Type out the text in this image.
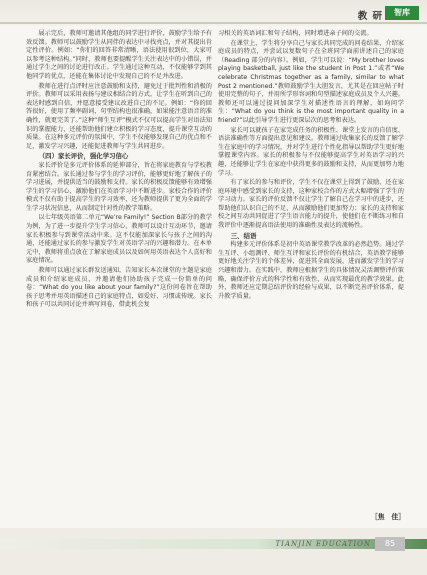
教 研	智库

展示完后，教师可邀请其他组的同学进行评价，鼓励学生给予有效反馈。教师可以鼓励学生从同伴的表达中寻找亮点，并对其提出肯定性评价。例如：“你们的回答非常清晰，语法使用很到位，大家可以参考这种结构。”同时，教师也要提醒学生关注表达中的小错误，并通过学生之间的讨论进行改正。学生通过这种互动，不仅能够学到其他同学的优点，还能在集体讨论中发现自己的不足并改进。

教师在进行点评时应注意鼓励和支持，避免过于批判性和消极的评价。教师可以采用表扬与建议相结合的方式，让学生在听到自己的表达时感到自信，并愿意接受建议改进自己的不足。例如：“你的回答很好，使用了频率副词，句型结构也很准确，如果能注意语音的准确性，就更完美了。”这种“师生互评”模式不仅可以提高学生对语法知识的掌握能力，还能帮助他们建立积极的学习态度，提升课堂互动的质量。在这种多元评价的氛围中，学生不仅能够发现自己的优点和不足，激发学习兴趣，还能促进教师与学生共同进步。

（四）家长评价，强化学习信心

家长评价是多元评价体系的延伸部分，旨在将家庭教育与学校教育紧密结合。家长通过参与学生的学习评价，能够更好地了解孩子的学习进展，并提供适当的鼓励和支持。家长的积极反馈能够有效增强学生的学习信心，激励他们在英语学习中不断进步。家校合作的评价模式不仅有助于提高学生的学习效率，还为教师提供了更为全面的学生学习状况信息，从而制定针对性的教学策略。

以七年级英语第二单元“We’re Family!” Section B部分的教学为例，为了进一步提升学生学习信心，教师可以设计互动环节，邀请家长积极参与到课堂活动中来。这不仅能加深家长与孩子之间的沟通，还能通过家长的参与激发学生对英语学习的兴趣和潜力。在本单元中，教师将重点放在了解家庭成员以及如何用英语表达个人喜好和家庭情况。

教师可以通过家长群发送通知，告知家长本次课堂的主题是家庭成员和介绍家庭成员，并邀请他们协助孩子完成一份简单的问卷：“What do you like about your family?”这份问卷旨在帮助孩子思考并用英语描述自己的家庭特点，如爱好、习惯或传统。家长和孩子可以共同讨论并填写问卷，借此机会复

习相关的英语词汇和句子结构，同时增进亲子间的交流。

在课堂上，学生将分享自己与家长共同完成的问卷结果，介绍家庭成员的特点，并尝试以复数句子在全班同学面前讲述自己的家庭（Reading 部分的内容）。例如，学生可以说：“My brother loves playing basketball, just like the student in Post 1.”或者“We celebrate Christmas together as a family, similar to what Post 2 mentioned.”教师鼓励学生大胆发言，尤其是在回应帖子时使用完整的句子，并用所学形容词和句型描述家庭成员及个人兴趣。教师还可以通过提问加深学生对描述性语言的理解，如询问学生：“What do you think is the most important quality in a friend?”以此引导学生进行更深层次的思考和表达。

家长可以就孩子在家完成任务的积极性、课堂上发言的自信度、语法准确性等方面提出意见和建议。教师通过收集家长的反馈了解学生在家庭中的学习情况，并对学生进行个性化指导以帮助学生更好地掌握课堂内容。家长的积极参与不仅能够提高学生对英语学习的兴趣，还能够让学生在家庭中获得更多的鼓励和支持，从而更加努力地学习。

有了家长的参与和评价，学生不仅在课堂上得到了鼓励，还在家庭环境中感受到家长的支持，这种家校合作的方式大幅增强了学生的学习动力。家长的评价反馈不仅让学生了解自己在学习中的进步，还帮助他们认识自己的不足，从而激励他们更加努力；家长的支持和家校之间互动共同促进了学生语言能力的提升，使他们在不断练习和自我评价中逐渐提高语法使用的准确性及表达的流畅性。

三、结语

构建多元评价体系是初中英语课堂教学改革的必然趋势。通过学生互评、小组测评、师生互评和家长评价的有机结合，英语教学能够更好地关注学生的个体差异，促进其全面发展，进而激发学生的学习兴趣和潜力。在实践中，教师应根据学生的具体情况灵活调整评价策略，确保评价方式的科学性和有效性，从而实现最优的教学效果。此外，教师还应定期总结评价的经验与成果，以不断完善评价体系，提升教学质量。

［焦　佳］
TIANJIN EDUCATION	85
